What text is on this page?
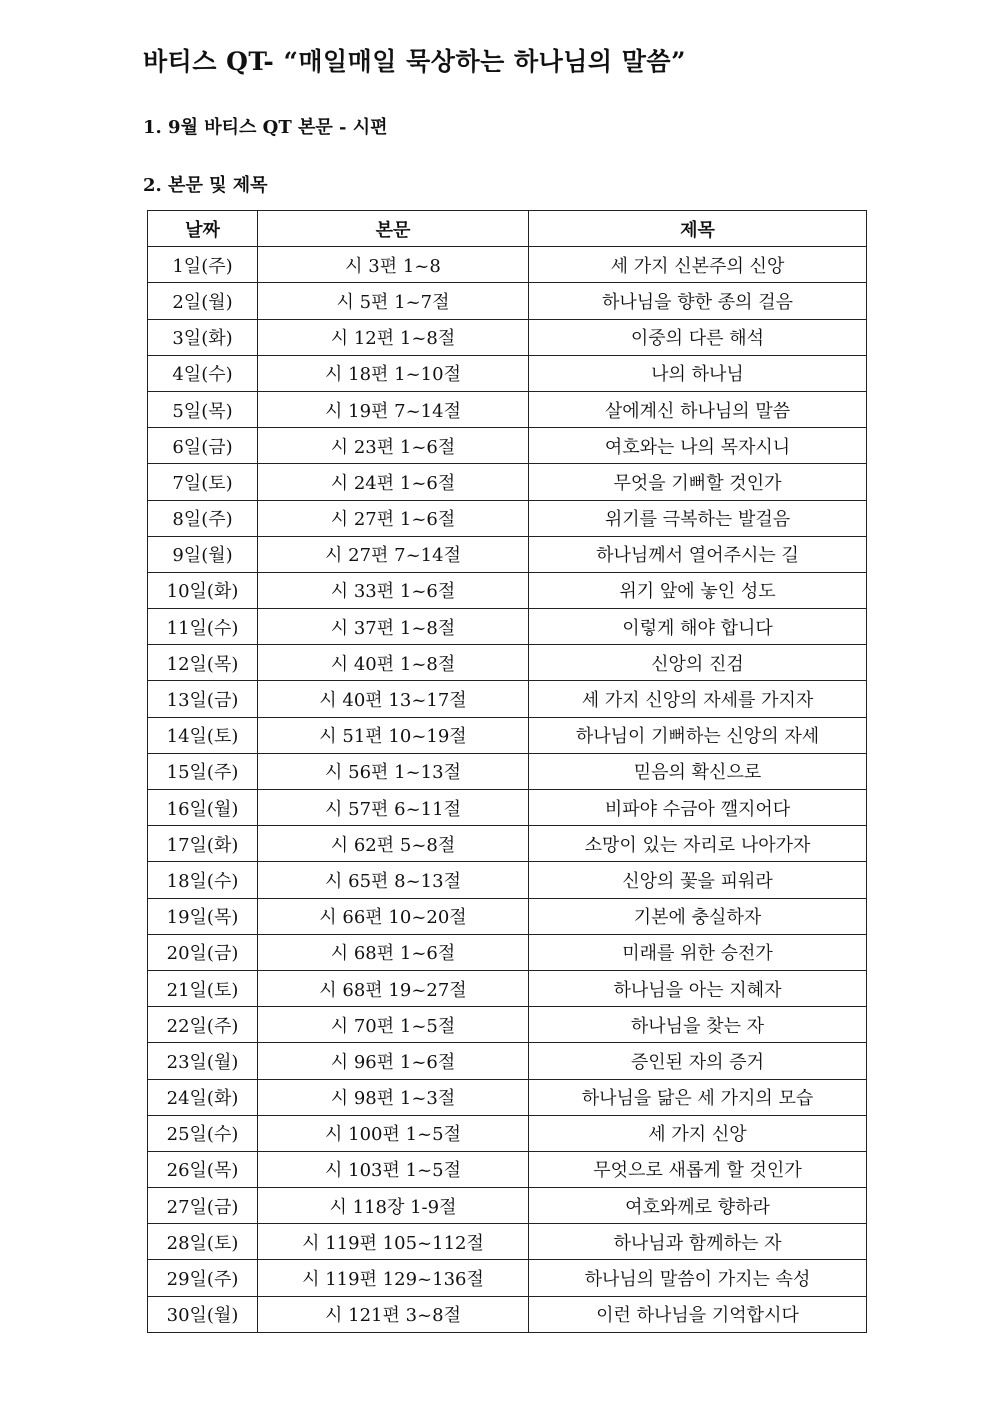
바티스 QT- “매일매일 묵상하는 하나님의 말씀”
1. 9월 바티스 QT 본문 - 시편
2. 본문 및 제목
날짜	본문	제목
1일(주)	시 3편 1~8	세 가지 신본주의 신앙
2일(월)	시 5편 1~7절	하나님을 향한 종의 걸음
3일(화)	시 12편 1~8절	이중의 다른 해석
4일(수)	시 18편 1~10절	나의 하나님
5일(목)	시 19편 7~14절	살에계신 하나님의 말씀
6일(금)	시 23편 1~6절	여호와는 나의 목자시니
7일(토)	시 24편 1~6절	무엇을 기뻐할 것인가
8일(주)	시 27편 1~6절	위기를 극복하는 발걸음
9일(월)	시 27편 7~14절	하나님께서 열어주시는 길
10일(화)	시 33편 1~6절	위기 앞에 놓인 성도
11일(수)	시 37편 1~8절	이렇게 해야 합니다
12일(목)	시 40편 1~8절	신앙의 진검
13일(금)	시 40편 13~17절	세 가지 신앙의 자세를 가지자
14일(토)	시 51편 10~19절	하나님이 기뻐하는 신앙의 자세
15일(주)	시 56편 1~13절	믿음의 확신으로
16일(월)	시 57편 6~11절	비파야 수금아 깰지어다
17일(화)	시 62편 5~8절	소망이 있는 자리로 나아가자
18일(수)	시 65편 8~13절	신앙의 꽃을 피워라
19일(목)	시 66편 10~20절	기본에 충실하자
20일(금)	시 68편 1~6절	미래를 위한 승전가
21일(토)	시 68편 19~27절	하나님을 아는 지혜자
22일(주)	시 70편 1~5절	하나님을 찾는 자
23일(월)	시 96편 1~6절	증인된 자의 증거
24일(화)	시 98편 1~3절	하나님을 닮은 세 가지의 모습
25일(수)	시 100편 1~5절	세 가지 신앙
26일(목)	시 103편 1~5절	무엇으로 새롭게 할 것인가
27일(금)	시 118장 1-9절	여호와께로 향하라
28일(토)	시 119편 105~112절	하나님과 함께하는 자
29일(주)	시 119편 129~136절	하나님의 말씀이 가지는 속성
30일(월)	시 121편 3~8절	이런 하나님을 기억합시다
